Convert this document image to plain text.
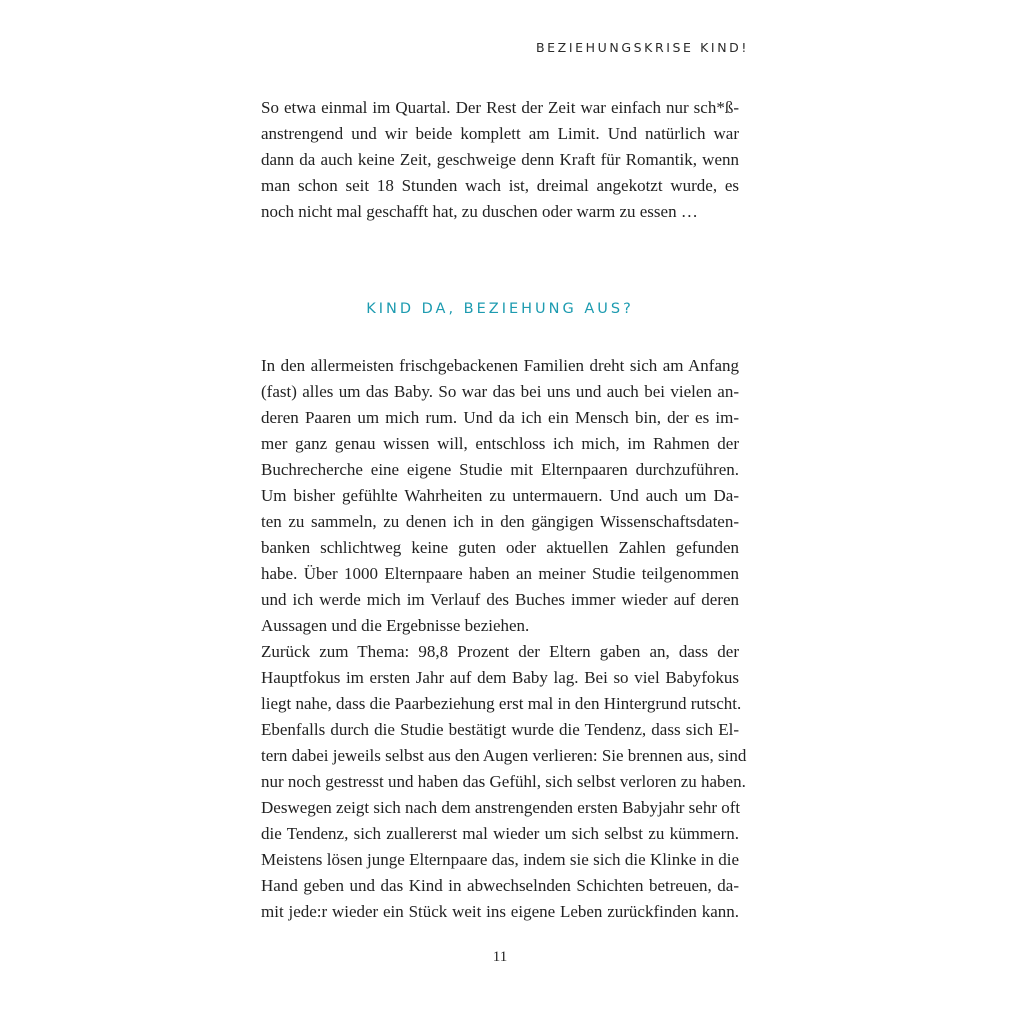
BEZIEHUNGSKRISE KIND!
So etwa einmal im Quartal. Der Rest der Zeit war einfach nur sch*ß-
anstrengend und wir beide komplett am Limit. Und natürlich war
dann da auch keine Zeit, geschweige denn Kraft für Romantik, wenn
man schon seit 18 Stunden wach ist, dreimal angekotzt wurde, es
noch nicht mal geschafft hat, zu duschen oder warm zu essen …
KIND DA, BEZIEHUNG AUS?
In den allermeisten frischgebackenen Familien dreht sich am Anfang
(fast) alles um das Baby. So war das bei uns und auch bei vielen an-
deren Paaren um mich rum. Und da ich ein Mensch bin, der es im-
mer ganz genau wissen will, entschloss ich mich, im Rahmen der
Buchrecherche eine eigene Studie mit Elternpaaren durchzuführen.
Um bisher gefühlte Wahrheiten zu untermauern. Und auch um Da-
ten zu sammeln, zu denen ich in den gängigen Wissenschaftsdaten-
banken schlichtweg keine guten oder aktuellen Zahlen gefunden
habe. Über 1000 Elternpaare haben an meiner Studie teilgenommen
und ich werde mich im Verlauf des Buches immer wieder auf deren
Aussagen und die Ergebnisse beziehen.
Zurück zum Thema: 98,8 Prozent der Eltern gaben an, dass der
Hauptfokus im ersten Jahr auf dem Baby lag. Bei so viel Babyfokus
liegt nahe, dass die Paarbeziehung erst mal in den Hintergrund rutscht.
Ebenfalls durch die Studie bestätigt wurde die Tendenz, dass sich El-
tern dabei jeweils selbst aus den Augen verlieren: Sie brennen aus, sind
nur noch gestresst und haben das Gefühl, sich selbst verloren zu haben.
Deswegen zeigt sich nach dem anstrengenden ersten Babyjahr sehr oft
die Tendenz, sich zuallererst mal wieder um sich selbst zu kümmern.
Meistens lösen junge Elternpaare das, indem sie sich die Klinke in die
Hand geben und das Kind in abwechselnden Schichten betreuen, da-
mit jede:r wieder ein Stück weit ins eigene Leben zurückfinden kann.
11
